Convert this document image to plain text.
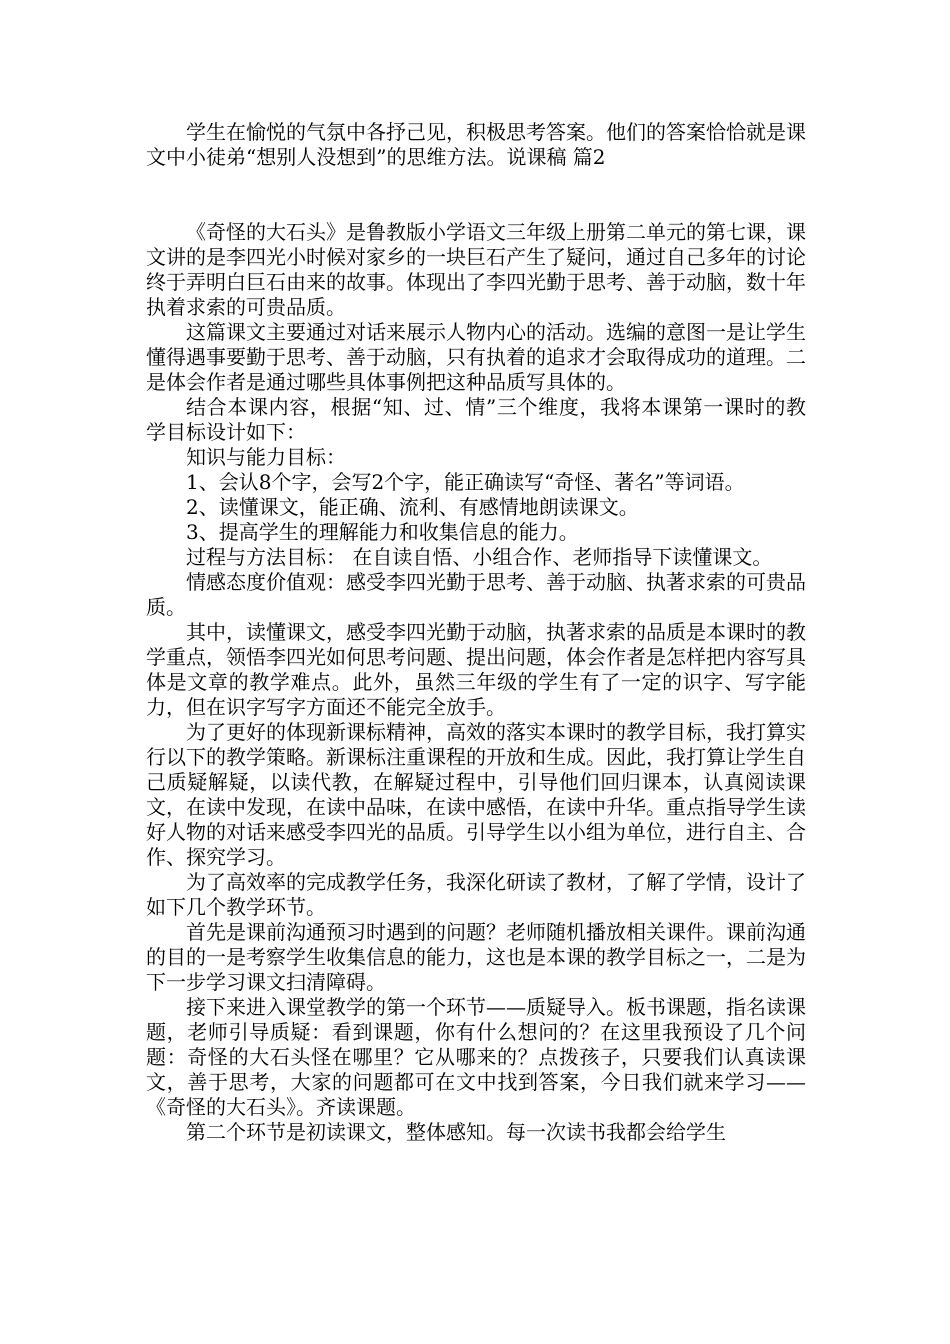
学生在愉悦的气氛中各抒己见，积极思考答案。他们的答案恰恰就是课文中小徒弟“想别人没想到”的思维方法。说课稿 篇2

《奇怪的大石头》是鲁教版小学语文三年级上册第二单元的第七课，课文讲的是李四光小时候对家乡的一块巨石产生了疑问，通过自己多年的讨论终于弄明白巨石由来的故事。体现出了李四光勤于思考、善于动脑，数十年执着求索的可贵品质。

这篇课文主要通过对话来展示人物内心的活动。选编的意图一是让学生懂得遇事要勤于思考、善于动脑，只有执着的追求才会取得成功的道理。二是体会作者是通过哪些具体事例把这种品质写具体的。

结合本课内容，根据“知、过、情”三个维度，我将本课第一课时的教学目标设计如下：

知识与能力目标：

1、会认8个字，会写2个字，能正确读写“奇怪、著名”等词语。

2、读懂课文，能正确、流利、有感情地朗读课文。

3、提高学生的理解能力和收集信息的能力。

过程与方法目标： 在自读自悟、小组合作、老师指导下读懂课文。

情感态度价值观：感受李四光勤于思考、善于动脑、执著求索的可贵品质。

其中，读懂课文，感受李四光勤于动脑，执著求索的品质是本课时的教学重点，领悟李四光如何思考问题、提出问题，体会作者是怎样把内容写具体是文章的教学难点。此外，虽然三年级的学生有了一定的识字、写字能力，但在识字写字方面还不能完全放手。

为了更好的体现新课标精神，高效的落实本课时的教学目标，我打算实行以下的教学策略。新课标注重课程的开放和生成。因此，我打算让学生自己质疑解疑，以读代教，在解疑过程中，引导他们回归课本，认真阅读课文，在读中发现，在读中品味，在读中感悟，在读中升华。重点指导学生读好人物的对话来感受李四光的品质。引导学生以小组为单位，进行自主、合作、探究学习。

为了高效率的完成教学任务，我深化研读了教材，了解了学情，设计了如下几个教学环节。

首先是课前沟通预习时遇到的问题？老师随机播放相关课件。课前沟通的目的一是考察学生收集信息的能力，这也是本课的教学目标之一，二是为下一步学习课文扫清障碍。

接下来进入课堂教学的第一个环节——质疑导入。板书课题，指名读课题，老师引导质疑：看到课题，你有什么想问的？在这里我预设了几个问题：奇怪的大石头怪在哪里？它从哪来的？点拨孩子，只要我们认真读课文，善于思考，大家的问题都可在文中找到答案，今日我们就来学习——《奇怪的大石头》。齐读课题。

第二个环节是初读课文，整体感知。每一次读书我都会给学生
